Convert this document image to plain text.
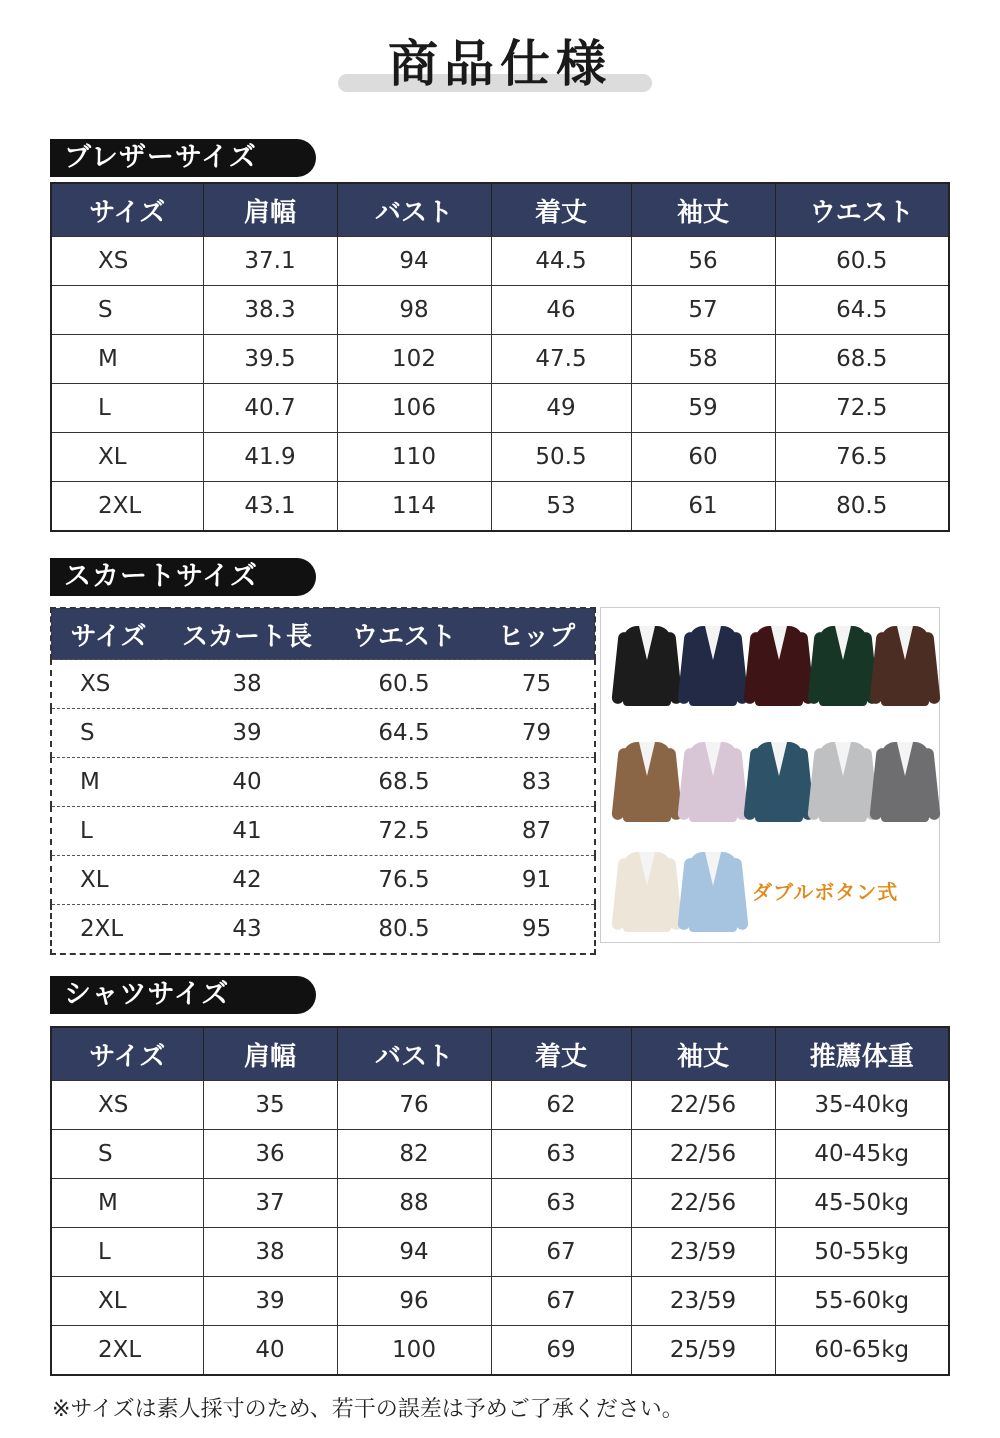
商品仕様
ブレザーサイズ
サイズ	肩幅	バスト	着丈	袖丈	ウエスト
XS	37.1	94	44.5	56	60.5
S	38.3	98	46	57	64.5
M	39.5	102	47.5	58	68.5
L	40.7	106	49	59	72.5
XL	41.9	110	50.5	60	76.5
2XL	43.1	114	53	61	80.5
スカートサイズ
サイズ	スカート長	ウエスト	ヒップ
XS	38	60.5	75
S	39	64.5	79
M	40	68.5	83
L	41	72.5	87
XL	42	76.5	91
2XL	43	80.5	95
ダブルボタン式
シャツサイズ
サイズ	肩幅	バスト	着丈	袖丈	推薦体重
XS	35	76	62	22/56	35-40kg
S	36	82	63	22/56	40-45kg
M	37	88	63	22/56	45-50kg
L	38	94	67	23/59	50-55kg
XL	39	96	67	23/59	55-60kg
2XL	40	100	69	25/59	60-65kg
※サイズは素人採寸のため、若干の誤差は予めご了承ください。
